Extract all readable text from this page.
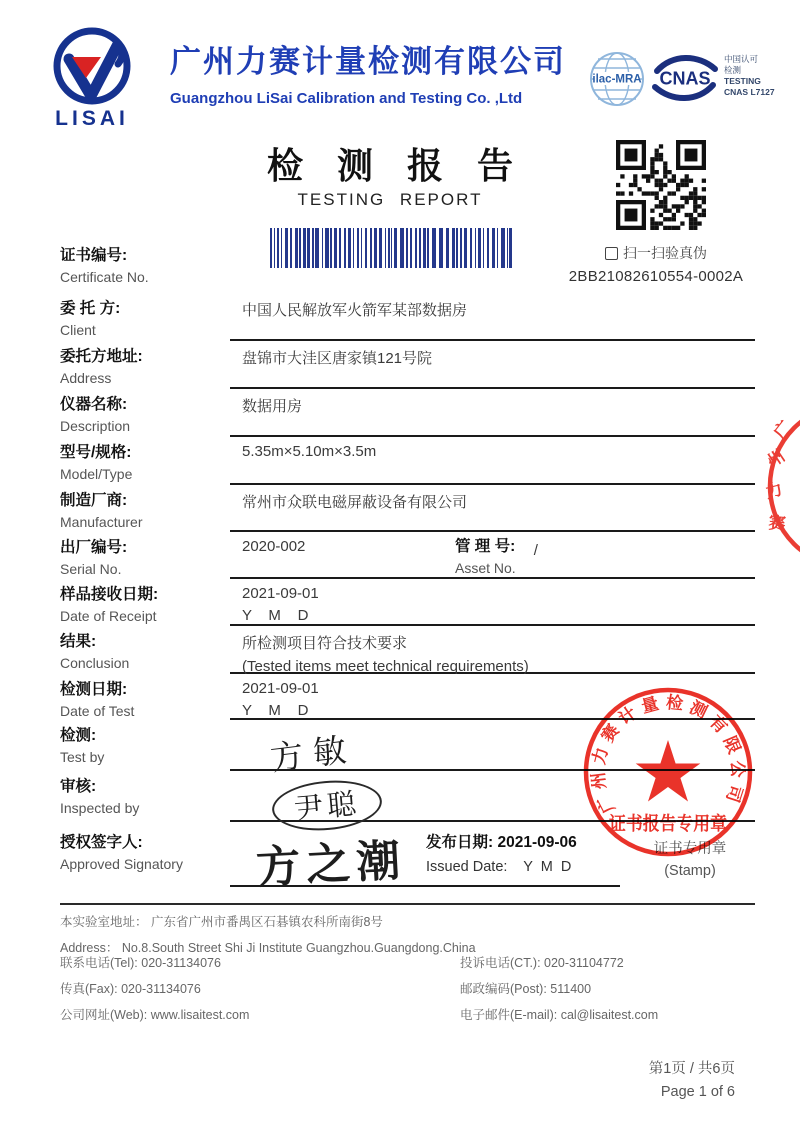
LISAI
广州力赛计量检测有限公司
Guangzhou LiSai Calibration and Testing Co. ,Ltd
ilac-MRA CNAS
中国认可
检测
TESTING
CNAS L7127
检测报告
TESTING REPORT
证书编号:
Certificate No.
扫一扫验真伪
2BB21082610554-0002A
委 托 方:
Client
中国人民解放军火箭军某部数据房
委托方地址:
Address
盘锦市大洼区唐家镇121号院
仪器名称:
Description
数据用房
型号/规格:
Model/Type
5.35m×5.10m×3.5m
制造厂商:
Manufacturer
常州市众联电磁屏蔽设备有限公司
出厂编号:
Serial No.
2020-002	管 理 号:
Asset No.
/
样品接收日期:
Date of Receipt
2021-09-01
Y    M    D
结果:
Conclusion
所检测项目符合技术要求
(Tested items meet technical requirements)
检测日期:
Date of Test
2021-09-01
Y    M    D
检测:
Test by	方敏
审核:
Inspected by	尹聪
授权签字人:
Approved Signatory	方之潮 发布日期: 2021-09-06
Issued Date:    Y  M  D
证书专用章
(Stamp)
广州力赛计量检测有限公司
证书报告专用章
广
州
力
赛
本实验室地址： 广东省广州市番禺区石碁镇农科所南街8号
Address： No.8.South Street Shi Ji Institute Guangzhou.Guangdong.China
联系电话(Tel): 020-31134076	投诉电话(CT.): 020-31104772
传真(Fax): 020-31134076	邮政编码(Post): 511400
公司网址(Web): www.lisaitest.com	电子邮件(E-mail): cal@lisaitest.com
第1页 / 共6页
Page 1 of 6
